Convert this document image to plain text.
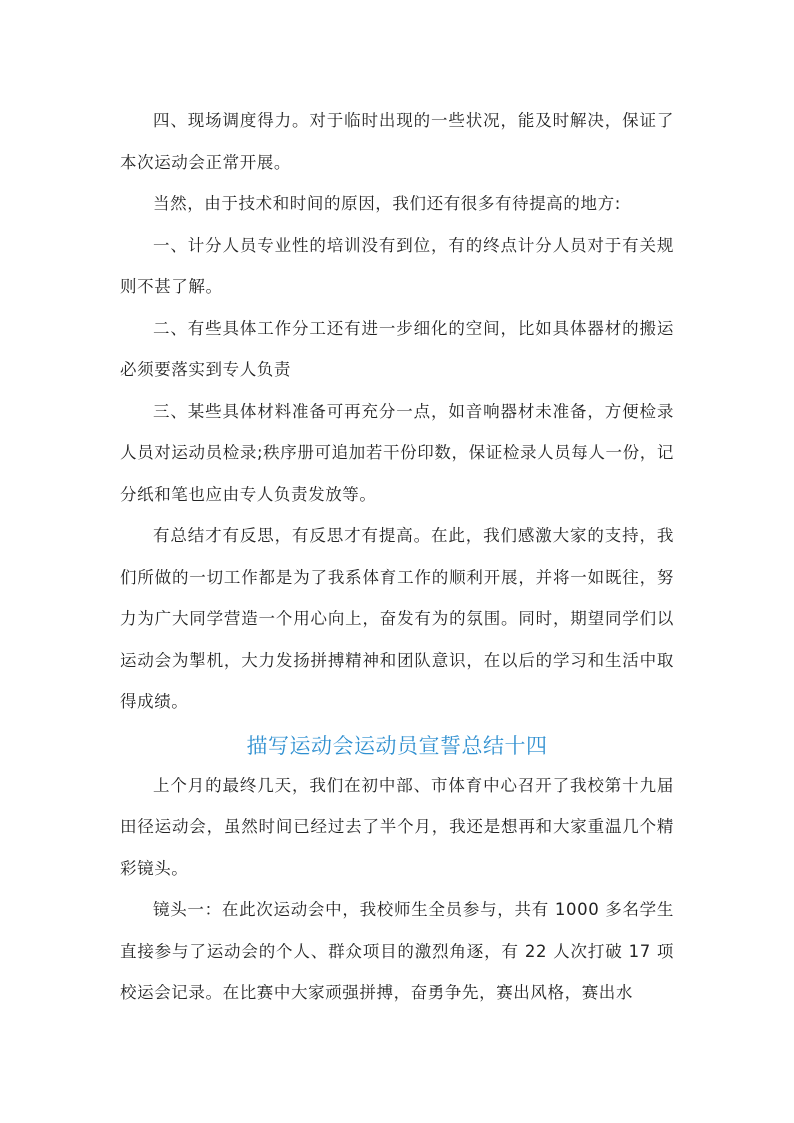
四、现场调度得力。对于临时出现的一些状况，能及时解决，保证了本次运动会正常开展。

当然，由于技术和时间的原因，我们还有很多有待提高的地方:

一、计分人员专业性的培训没有到位，有的终点计分人员对于有关规则不甚了解。

二、有些具体工作分工还有进一步细化的空间，比如具体器材的搬运必须要落实到专人负责

三、某些具体材料准备可再充分一点，如音响器材未准备，方便检录人员对运动员检录;秩序册可追加若干份印数，保证检录人员每人一份，记分纸和笔也应由专人负责发放等。

有总结才有反思，有反思才有提高。在此，我们感激大家的支持，我们所做的一切工作都是为了我系体育工作的顺利开展，并将一如既往，努力为广大同学营造一个用心向上，奋发有为的氛围。同时，期望同学们以运动会为掣机，大力发扬拼搏精神和团队意识，在以后的学习和生活中取得成绩。

描写运动会运动员宣誓总结十四

上个月的最终几天，我们在初中部、市体育中心召开了我校第十九届田径运动会，虽然时间已经过去了半个月，我还是想再和大家重温几个精彩镜头。

镜头一：在此次运动会中，我校师生全员参与，共有 1000 多名学生直接参与了运动会的个人、群众项目的激烈角逐，有 22 人次打破 17 项校运会记录。在比赛中大家顽强拼搏，奋勇争先，赛出风格，赛出水
